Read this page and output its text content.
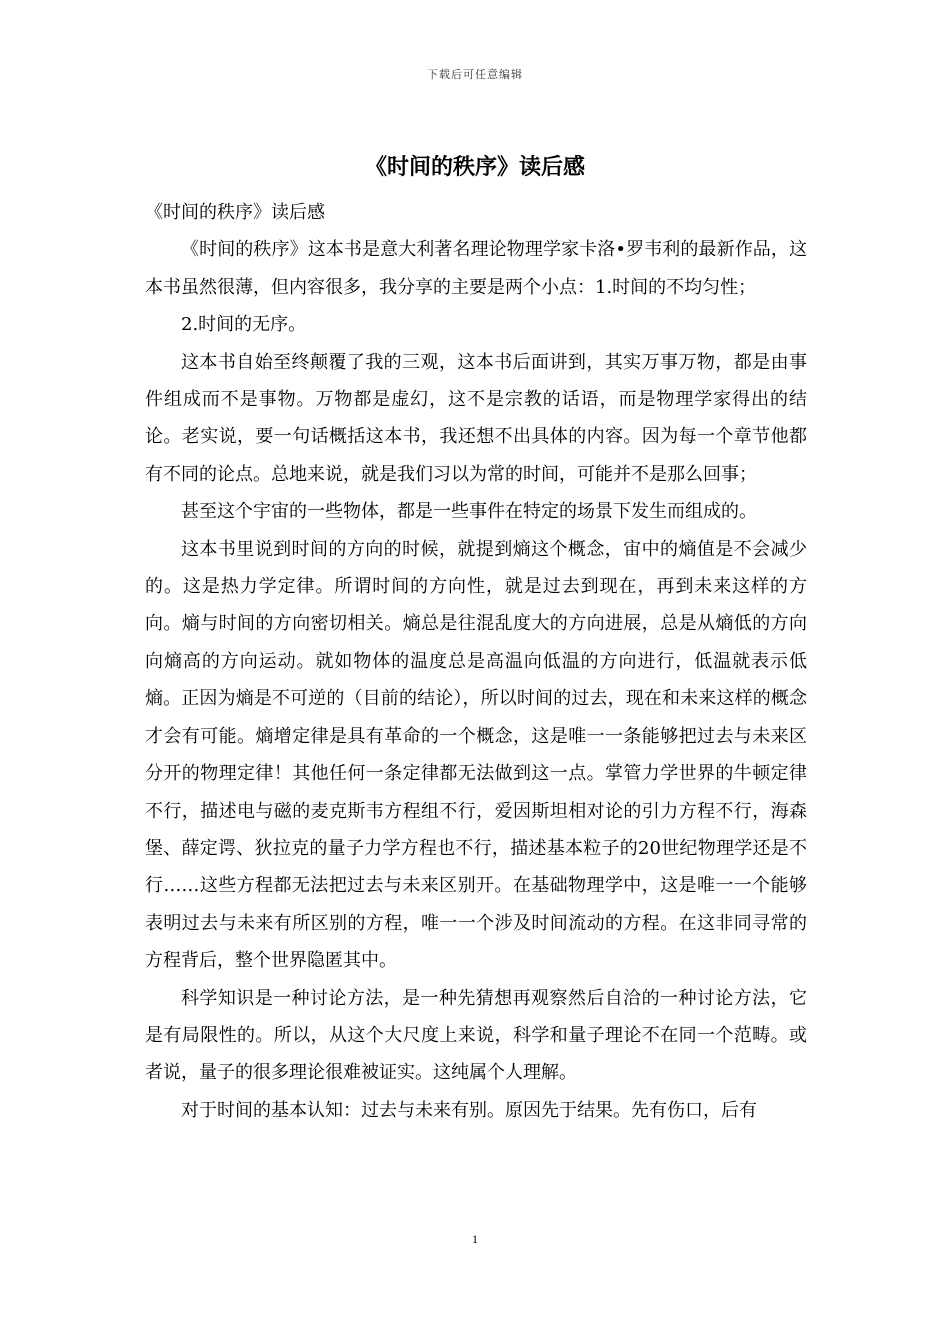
下载后可任意编辑
《时间的秩序》读后感

《时间的秩序》读后感

《时间的秩序》这本书是意大利著名理论物理学家卡洛•罗韦利的最新作品，这本书虽然很薄，但内容很多，我分享的主要是两个小点：1.时间的不均匀性；

2.时间的无序。

这本书自始至终颠覆了我的三观，这本书后面讲到，其实万事万物，都是由事件组成而不是事物。万物都是虚幻，这不是宗教的话语，而是物理学家得出的结论。老实说，要一句话概括这本书，我还想不出具体的内容。因为每一个章节他都有不同的论点。总地来说，就是我们习以为常的时间，可能并不是那么回事；

甚至这个宇宙的一些物体，都是一些事件在特定的场景下发生而组成的。

这本书里说到时间的方向的时候，就提到熵这个概念，宙中的熵值是不会减少的。这是热力学定律。所谓时间的方向性，就是过去到现在，再到未来这样的方向。熵与时间的方向密切相关。熵总是往混乱度大的方向进展，总是从熵低的方向向熵高的方向运动。就如物体的温度总是高温向低温的方向进行，低温就表示低熵。正因为熵是不可逆的（目前的结论），所以时间的过去，现在和未来这样的概念才会有可能。熵增定律是具有革命的一个概念，这是唯一一条能够把过去与未来区分开的物理定律！其他任何一条定律都无法做到这一点。掌管力学世界的牛顿定律不行，描述电与磁的麦克斯韦方程组不行，爱因斯坦相对论的引力方程不行，海森堡、薛定谔、狄拉克的量子力学方程也不行，描述基本粒子的20世纪物理学还是不行……这些方程都无法把过去与未来区别开。在基础物理学中，这是唯一一个能够表明过去与未来有所区别的方程，唯一一个涉及时间流动的方程。在这非同寻常的方程背后，整个世界隐匿其中。

科学知识是一种讨论方法，是一种先猜想再观察然后自洽的一种讨论方法，它是有局限性的。所以，从这个大尺度上来说，科学和量子理论不在同一个范畴。或者说，量子的很多理论很难被证实。这纯属个人理解。

对于时间的基本认知：过去与未来有别。原因先于结果。先有伤口，后有

1
